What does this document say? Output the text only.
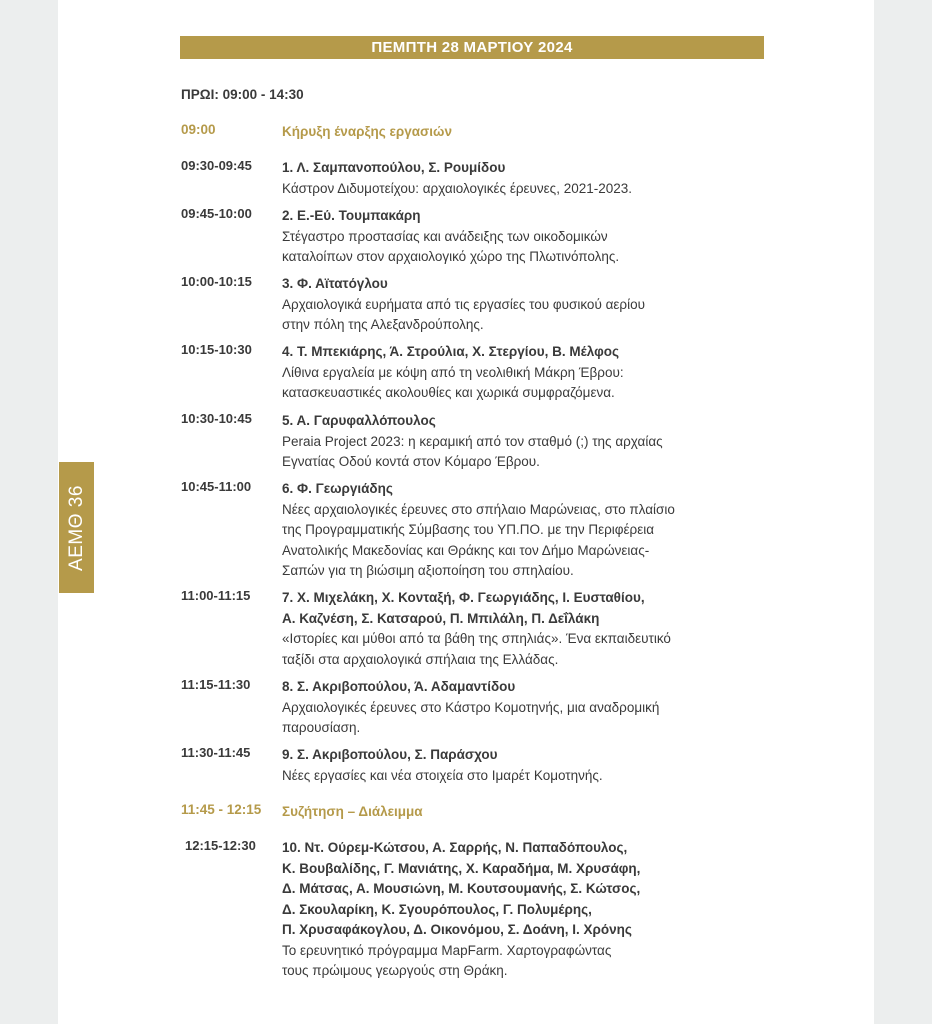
ΑΕΜΘ 36
ΠΕΜΠΤΗ 28 ΜΑΡΤΙΟΥ 2024
ΠΡΩΙ: 09:00 - 14:30
09:00	Κήρυξη έναρξης εργασιών
09:30-09:45 1. Λ. Σαμπανοπούλου, Σ. Ρουμίδου
Κάστρον Διδυμοτείχου: αρχαιολογικές έρευνες, 2021-2023.
09:45-10:00 2. Ε.-Εύ. Τουμπακάρη
Στέγαστρο προστασίας και ανάδειξης των οικοδομικών
καταλοίπων στον αρχαιολογικό χώρο της Πλωτινόπολης.
10:00-10:15 3. Φ. Αϊτατόγλου
Αρχαιολογικά ευρήματα από τις εργασίες του φυσικού αερίου
στην πόλη της Αλεξανδρούπολης.
10:15-10:30 4. Τ. Μπεκιάρης, Ά. Στρούλια, Χ. Στεργίου, Β. Μέλφος
Λίθινα εργαλεία με κόψη από τη νεολιθική Μάκρη Έβρου:
κατασκευαστικές ακολουθίες και χωρικά συμφραζόμενα.
10:30-10:45 5. Α. Γαρυφαλλόπουλος
Peraia Project 2023: η κεραμική από τον σταθμό (;) της αρχαίας
Εγνατίας Οδού κοντά στον Κόμαρο Έβρου.
10:45-11:00 6. Φ. Γεωργιάδης
Νέες αρχαιολογικές έρευνες στο σπήλαιο Μαρώνειας, στο πλαίσιο
της Προγραμματικής Σύμβασης του ΥΠ.ΠΟ. με την Περιφέρεια
Ανατολικής Μακεδονίας και Θράκης και τον Δήμο Μαρώνειας-
Σαπών για τη βιώσιμη αξιοποίηση του σπηλαίου.
11:00-11:15 7. Χ. Μιχελάκη, Χ. Κονταξή, Φ. Γεωργιάδης, Ι. Ευσταθίου,
Α. Καζνέση, Σ. Κατσαρού, Π. Μπιλάλη, Π. Δεΐλάκη
«Ιστορίες και μύθοι από τα βάθη της σπηλιάς». Ένα εκπαιδευτικό
ταξίδι στα αρχαιολογικά σπήλαια της Ελλάδας.
11:15-11:30 8. Σ. Ακριβοπούλου, Ά. Αδαμαντίδου
Αρχαιολογικές έρευνες στο Κάστρο Κομοτηνής, μια αναδρομική
παρουσίαση.
11:30-11:45 9. Σ. Ακριβοπούλου, Σ. Παράσχου
Νέες εργασίες και νέα στοιχεία στο Ιμαρέτ Κομοτηνής.
11:45 - 12:15 Συζήτηση – Διάλειμμα
12:15-12:30 10. Ντ. Ούρεμ-Κώτσου, Α. Σαρρής, Ν. Παπαδόπουλος,
Κ. Βουβαλίδης, Γ. Μανιάτης, Χ. Καραδήμα, Μ. Χρυσάφη,
Δ. Μάτσας, Α. Μουσιώνη, Μ. Κουτσουμανής, Σ. Κώτσος,
Δ. Σκουλαρίκη, Κ. Σγουρόπουλος, Γ. Πολυμέρης,
Π. Χρυσαφάκογλου, Δ. Οικονόμου, Σ. Δοάνη, Ι. Χρόνης
Το ερευνητικό πρόγραμμα MapFarm. Χαρτογραφώντας
τους πρώιμους γεωργούς στη Θράκη.
